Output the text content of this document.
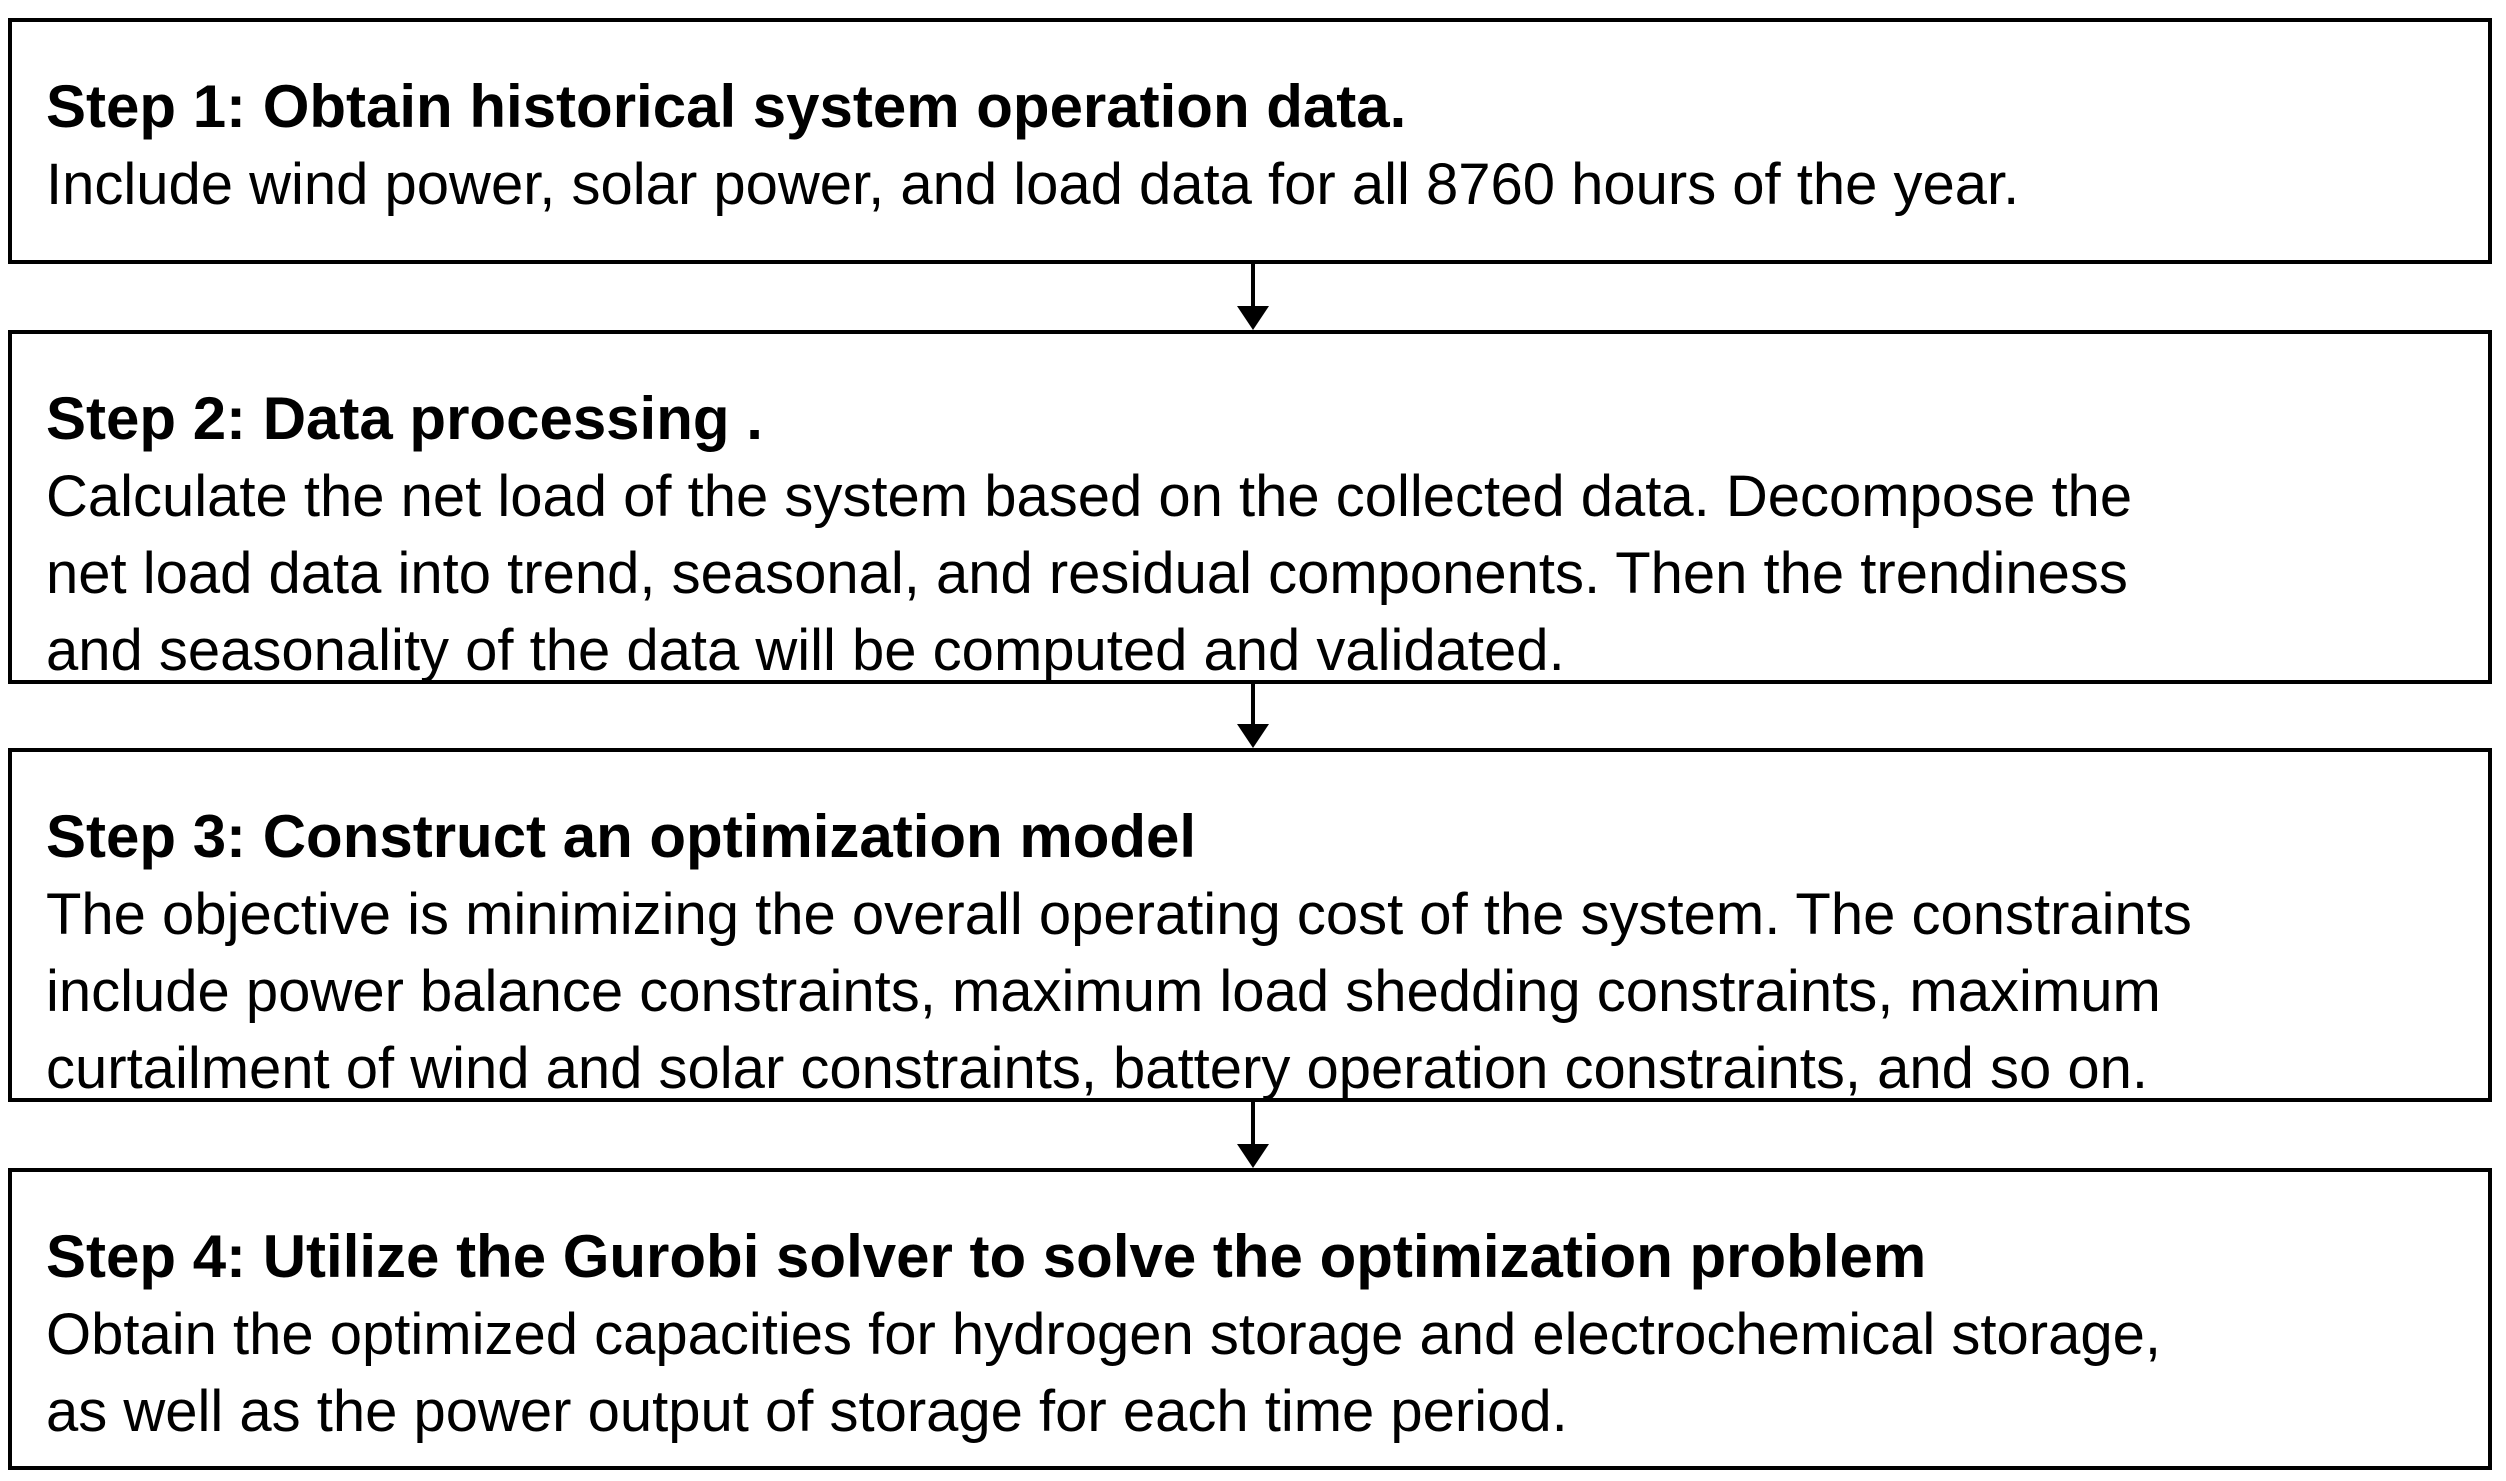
Step 1: Obtain historical system operation data.

Include wind power, solar power, and load data for all 8760 hours of the year.

Step 2: Data processing .

Calculate the net load of the system based on the collected data. Decompose the
net load data into trend, seasonal, and residual components. Then the trendiness
and seasonality of the data will be computed and validated.

Step 3: Construct an optimization model

The objective is minimizing the overall operating cost of the system. The constraints
include power balance constraints, maximum load shedding constraints, maximum
curtailment of wind and solar constraints, battery operation constraints, and so on.

Step 4: Utilize the Gurobi solver to solve the optimization problem

Obtain the optimized capacities for hydrogen storage and electrochemical storage,
as well as the power output of storage for each time period.
